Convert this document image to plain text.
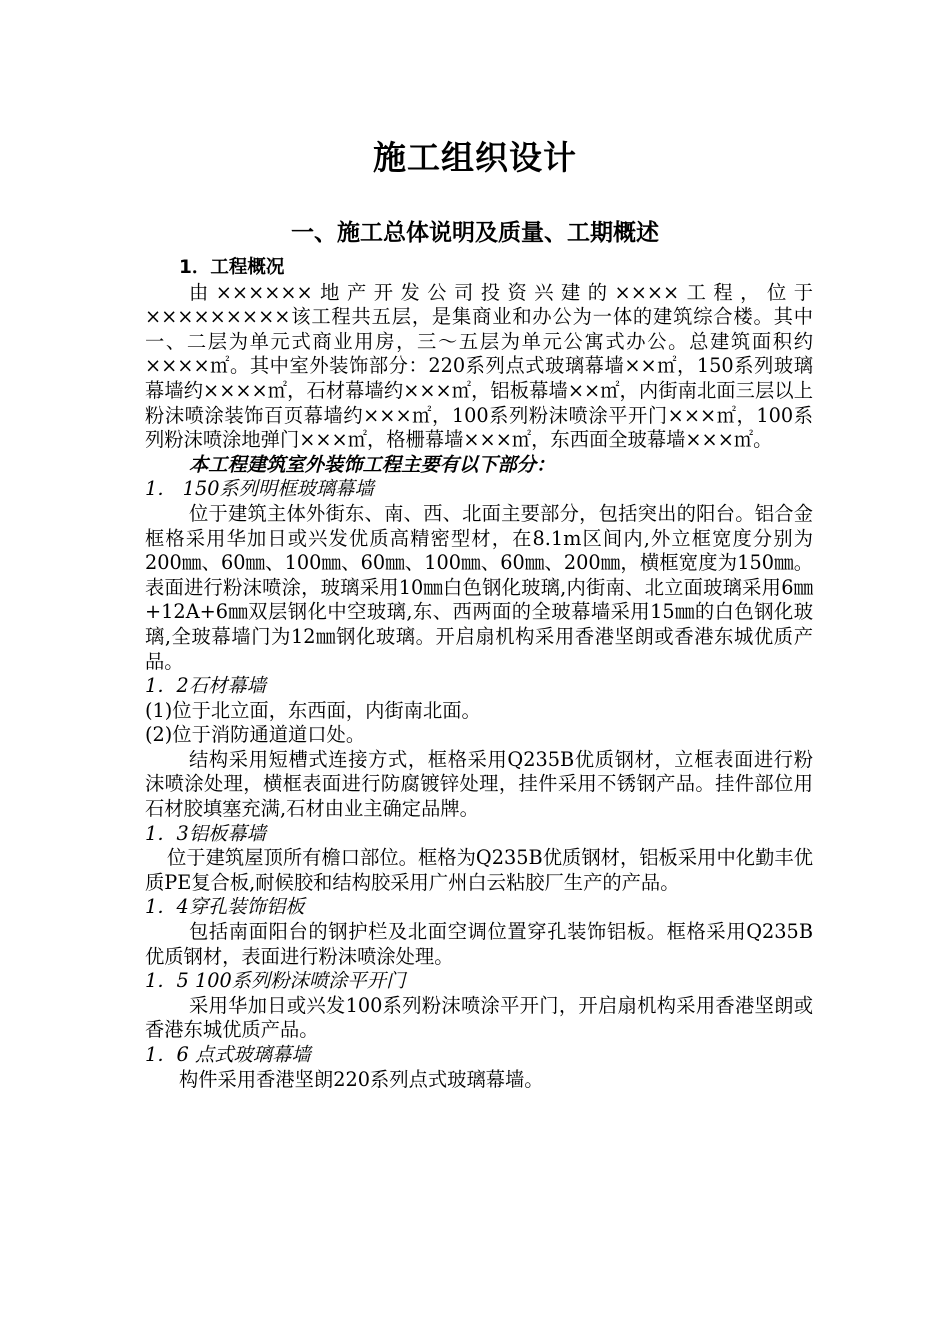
施工组织设计
一、施工总体说明及质量、工期概述

1．工程概况

由××××××地产开发公司投资兴建的××××工程，位于×××××××××该工程共五层，是集商业和办公为一体的建筑综合楼。其中一、二层为单元式商业用房，三～五层为单元公寓式办公。总建筑面积约××××㎡。其中室外装饰部分：220系列点式玻璃幕墙××㎡，150系列玻璃幕墙约××××㎡，石材幕墙约×××㎡，铝板幕墙××㎡，内街南北面三层以上粉沫喷涂装饰百页幕墙约×××㎡，100系列粉沫喷涂平开门×××㎡，100系列粉沫喷涂地弹门×××㎡，格栅幕墙×××㎡，东西面全玻幕墙×××㎡。

本工程建筑室外装饰工程主要有以下部分：

1． 150系列明框玻璃幕墙

位于建筑主体外街东、南、西、北面主要部分，包括突出的阳台。铝合金框格采用华加日或兴发优质高精密型材，在8.1m区间内,外立框宽度分别为200㎜、60㎜、100㎜、60㎜、100㎜、60㎜、200㎜，横框宽度为150㎜。表面进行粉沫喷涂，玻璃采用10㎜白色钢化玻璃,内街南、北立面玻璃采用6㎜+12A+6㎜双层钢化中空玻璃,东、西两面的全玻幕墙采用15㎜的白色钢化玻璃,全玻幕墙门为12㎜钢化玻璃。开启扇机构采用香港坚朗或香港东城优质产品。

1．2石材幕墙

(1)位于北立面，东西面，内街南北面。

(2)位于消防通道道口处。

结构采用短槽式连接方式，框格采用Q235B优质钢材，立框表面进行粉沫喷涂处理，横框表面进行防腐镀锌处理，挂件采用不锈钢产品。挂件部位用石材胶填塞充满,石材由业主确定品牌。

1．3铝板幕墙

位于建筑屋顶所有檐口部位。框格为Q235B优质钢材，铝板采用中化勤丰优质PE复合板,耐候胶和结构胶采用广州白云粘胶厂生产的产品。

1．4穿孔装饰铝板

包括南面阳台的钢护栏及北面空调位置穿孔装饰铝板。框格采用Q235B优质钢材，表面进行粉沫喷涂处理。

1．5 100系列粉沫喷涂平开门

采用华加日或兴发100系列粉沫喷涂平开门，开启扇机构采用香港坚朗或香港东城优质产品。

1．6 点式玻璃幕墙

构件采用香港坚朗220系列点式玻璃幕墙。
